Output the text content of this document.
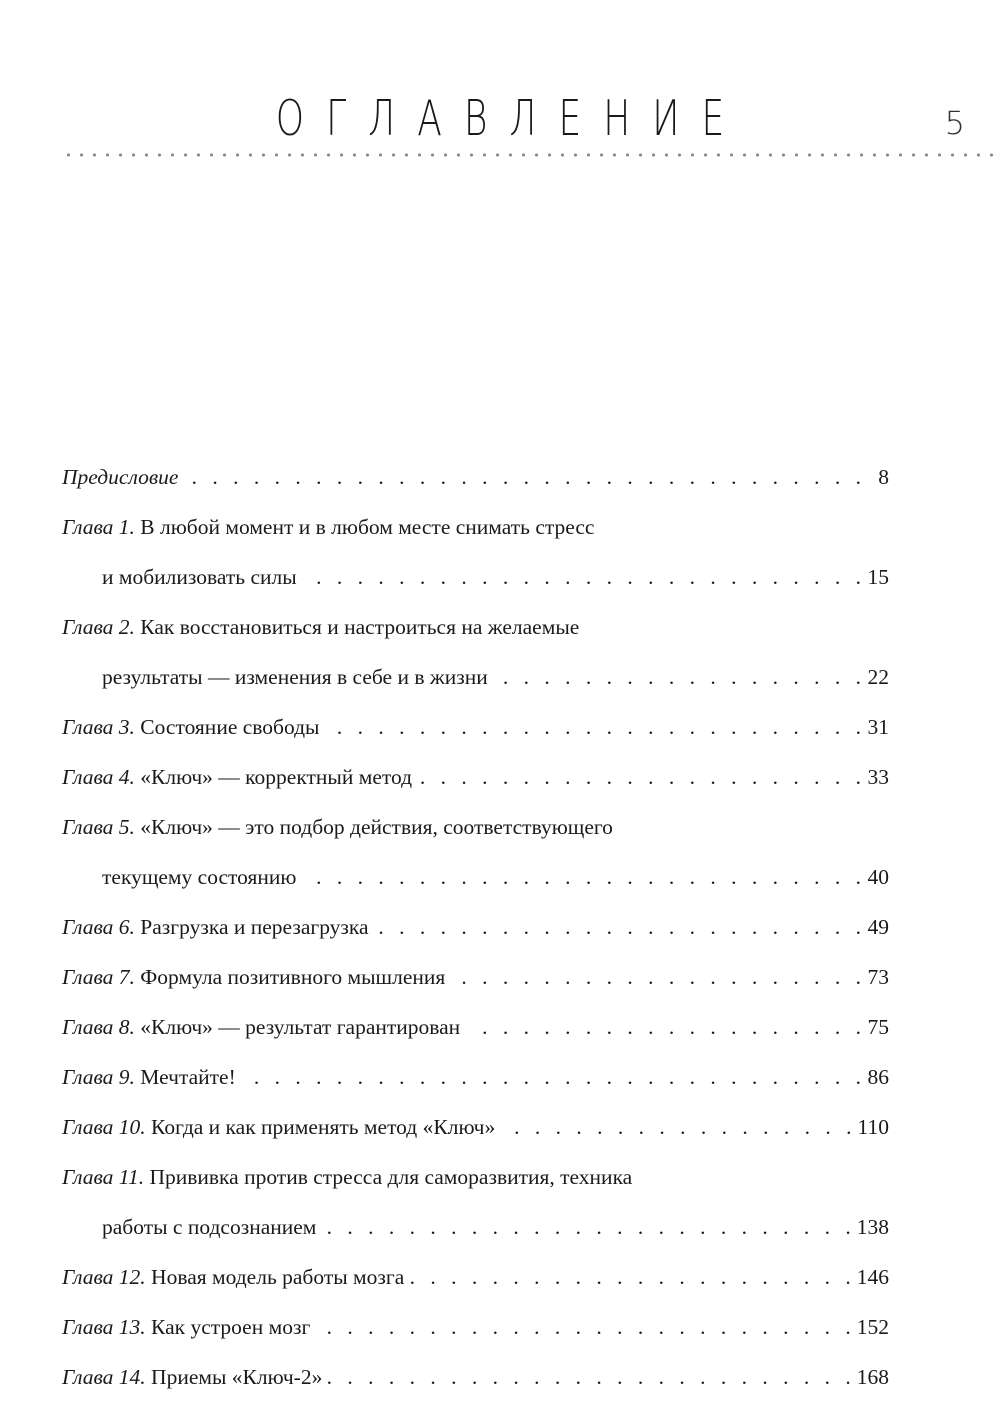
ОГЛАВЛЕНИЕ	5
Предисловие . . .	8
Глава 1. В любой момент и в любом месте снимать стресс
и мобилизовать силы . . .	15
Глава 2. Как восстановиться и настроиться на желаемые
результаты — изменения в себе и в жизни . . .	22
Глава 3. Состояние свободы . . .	31
Глава 4. «Ключ» — корректный метод . . .	33
Глава 5. «Ключ» — это подбор действия, соответствующего
текущему состоянию . . .	40
Глава 6. Разгрузка и перезагрузка . . .	49
Глава 7. Формула позитивного мышления . . .	73
Глава 8. «Ключ» — результат гарантирован . . .	75
Глава 9. Мечтайте! . . .	86
Глава 10. Когда и как применять метод «Ключ» . . .	110
Глава 11. Прививка против стресса для саморазвития, техника
работы с подсознанием . . .	138
Глава 12. Новая модель работы мозга . . .	146
Глава 13. Как устроен мозг . . .	152
Глава 14. Приемы «Ключ-2» . . .	168
